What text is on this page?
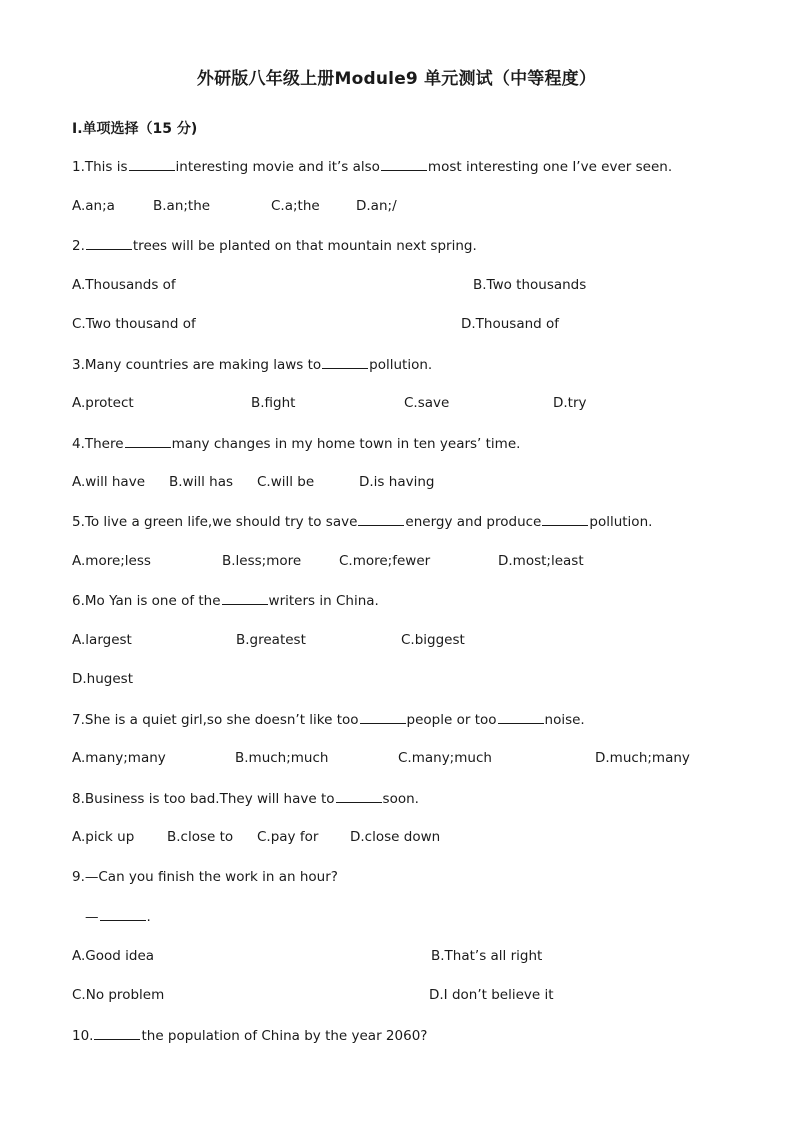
外研版八年级上册Module9 单元测试（中等程度）
Ⅰ.单项选择（15 分)
1.This is	interesting movie and it’s also	most interesting one I’ve ever seen.
A.an;a	B.an;the	C.a;the	D.an;/
2.	trees will be planted on that mountain next spring.
A.Thousands of	B.Two thousands
C.Two thousand of	D.Thousand of
3.Many countries are making laws to	pollution.
A.protect	B.fight	C.save	D.try
4.There	many changes in my home town in ten years’ time.
A.will have B.will has C.will be	D.is having
5.To live a green life,we should try to save	energy and produce	pollution.
A.more;less	B.less;more	C.more;fewer	D.most;least
6.Mo Yan is one of the	writers in China.
A.largest	B.greatest	C.biggest
D.hugest
7.She is a quiet girl,so she doesn’t like too	people or too	noise.
A.many;many	B.much;much	C.many;much	D.much;many
8.Business is too bad.They will have to	soon.
A.pick up B.close to C.pay for D.close down
9.—Can you finish the work in an hour?
—	.
A.Good idea	B.That’s all right
C.No problem	D.I don’t believe it
10.	the population of China by the year 2060?
